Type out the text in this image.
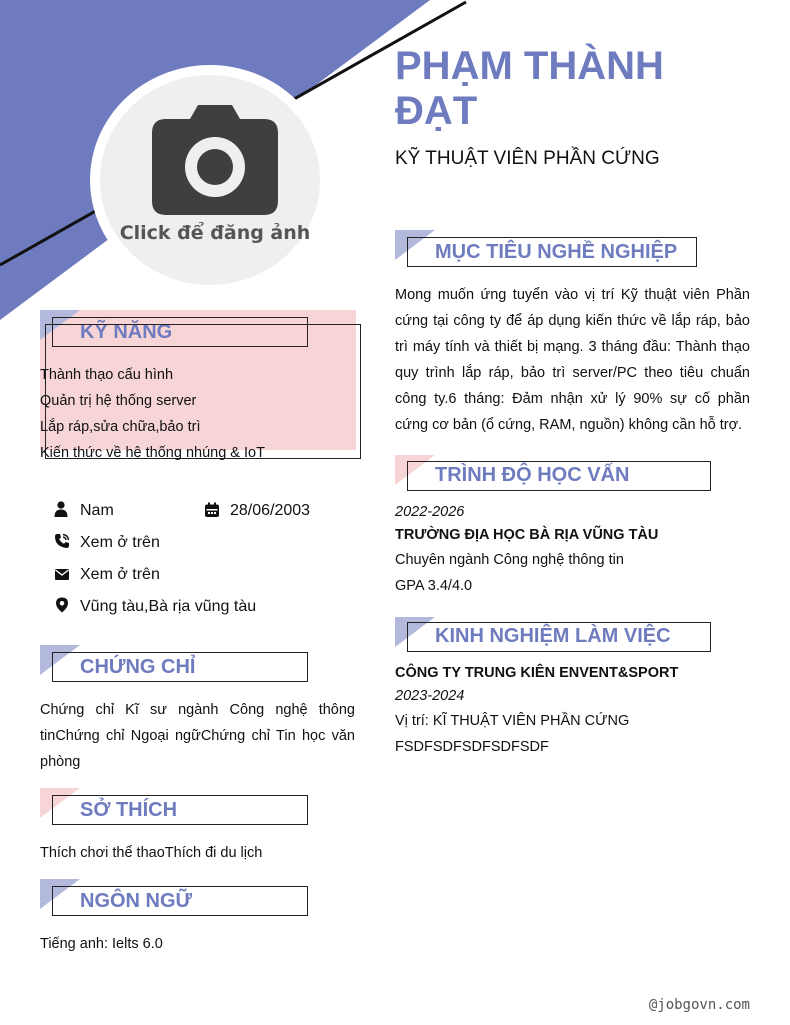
Click để đăng ảnh
PHẠM THÀNH ĐẠT
KỸ THUẬT VIÊN PHẦN CỨNG
KỸ NĂNG
Thành thạo cấu hình
Quản trị hệ thống server
Lắp ráp,sửa chữa,bảo trì
Kiến thức về hệ thống nhúng & IoT
Nam	28/06/2003
Xem ở trên
Xem ở trên
Vũng tàu,Bà rịa vũng tàu
CHỨNG CHỈ
Chứng chỉ Kĩ sư ngành Công nghệ thông tinChứng chỉ Ngoại ngữChứng chỉ Tin học văn phòng
SỞ THÍCH
Thích chơi thể thaoThích đi du lịch
NGÔN NGỮ
Tiếng anh: Ielts 6.0
MỤC TIÊU NGHỀ NGHIỆP
Mong muốn ứng tuyển vào vị trí Kỹ thuật viên Phần cứng tại công ty để áp dụng kiến thức về lắp ráp, bảo trì máy tính và thiết bị mạng. 3 tháng đầu: Thành thạo quy trình lắp ráp, bảo trì server/PC theo tiêu chuẩn công ty.6 tháng: Đảm nhận xử lý 90% sự cố phần cứng cơ bản (ổ cứng, RAM, nguồn) không cần hỗ trợ.
TRÌNH ĐỘ HỌC VẤN
2022-2026
TRƯỜNG ĐỊA HỌC BÀ RỊA VŨNG TÀU
Chuyên ngành Công nghệ thông tin
GPA 3.4/4.0
KINH NGHIỆM LÀM VIỆC
CÔNG TY TRUNG KIÊN ENVENT&SPORT
2023-2024
Vị trí: KĨ THUẬT VIÊN PHẦN CỨNG
FSDFSDFSDFSDFSDF
@jobgovn.com
